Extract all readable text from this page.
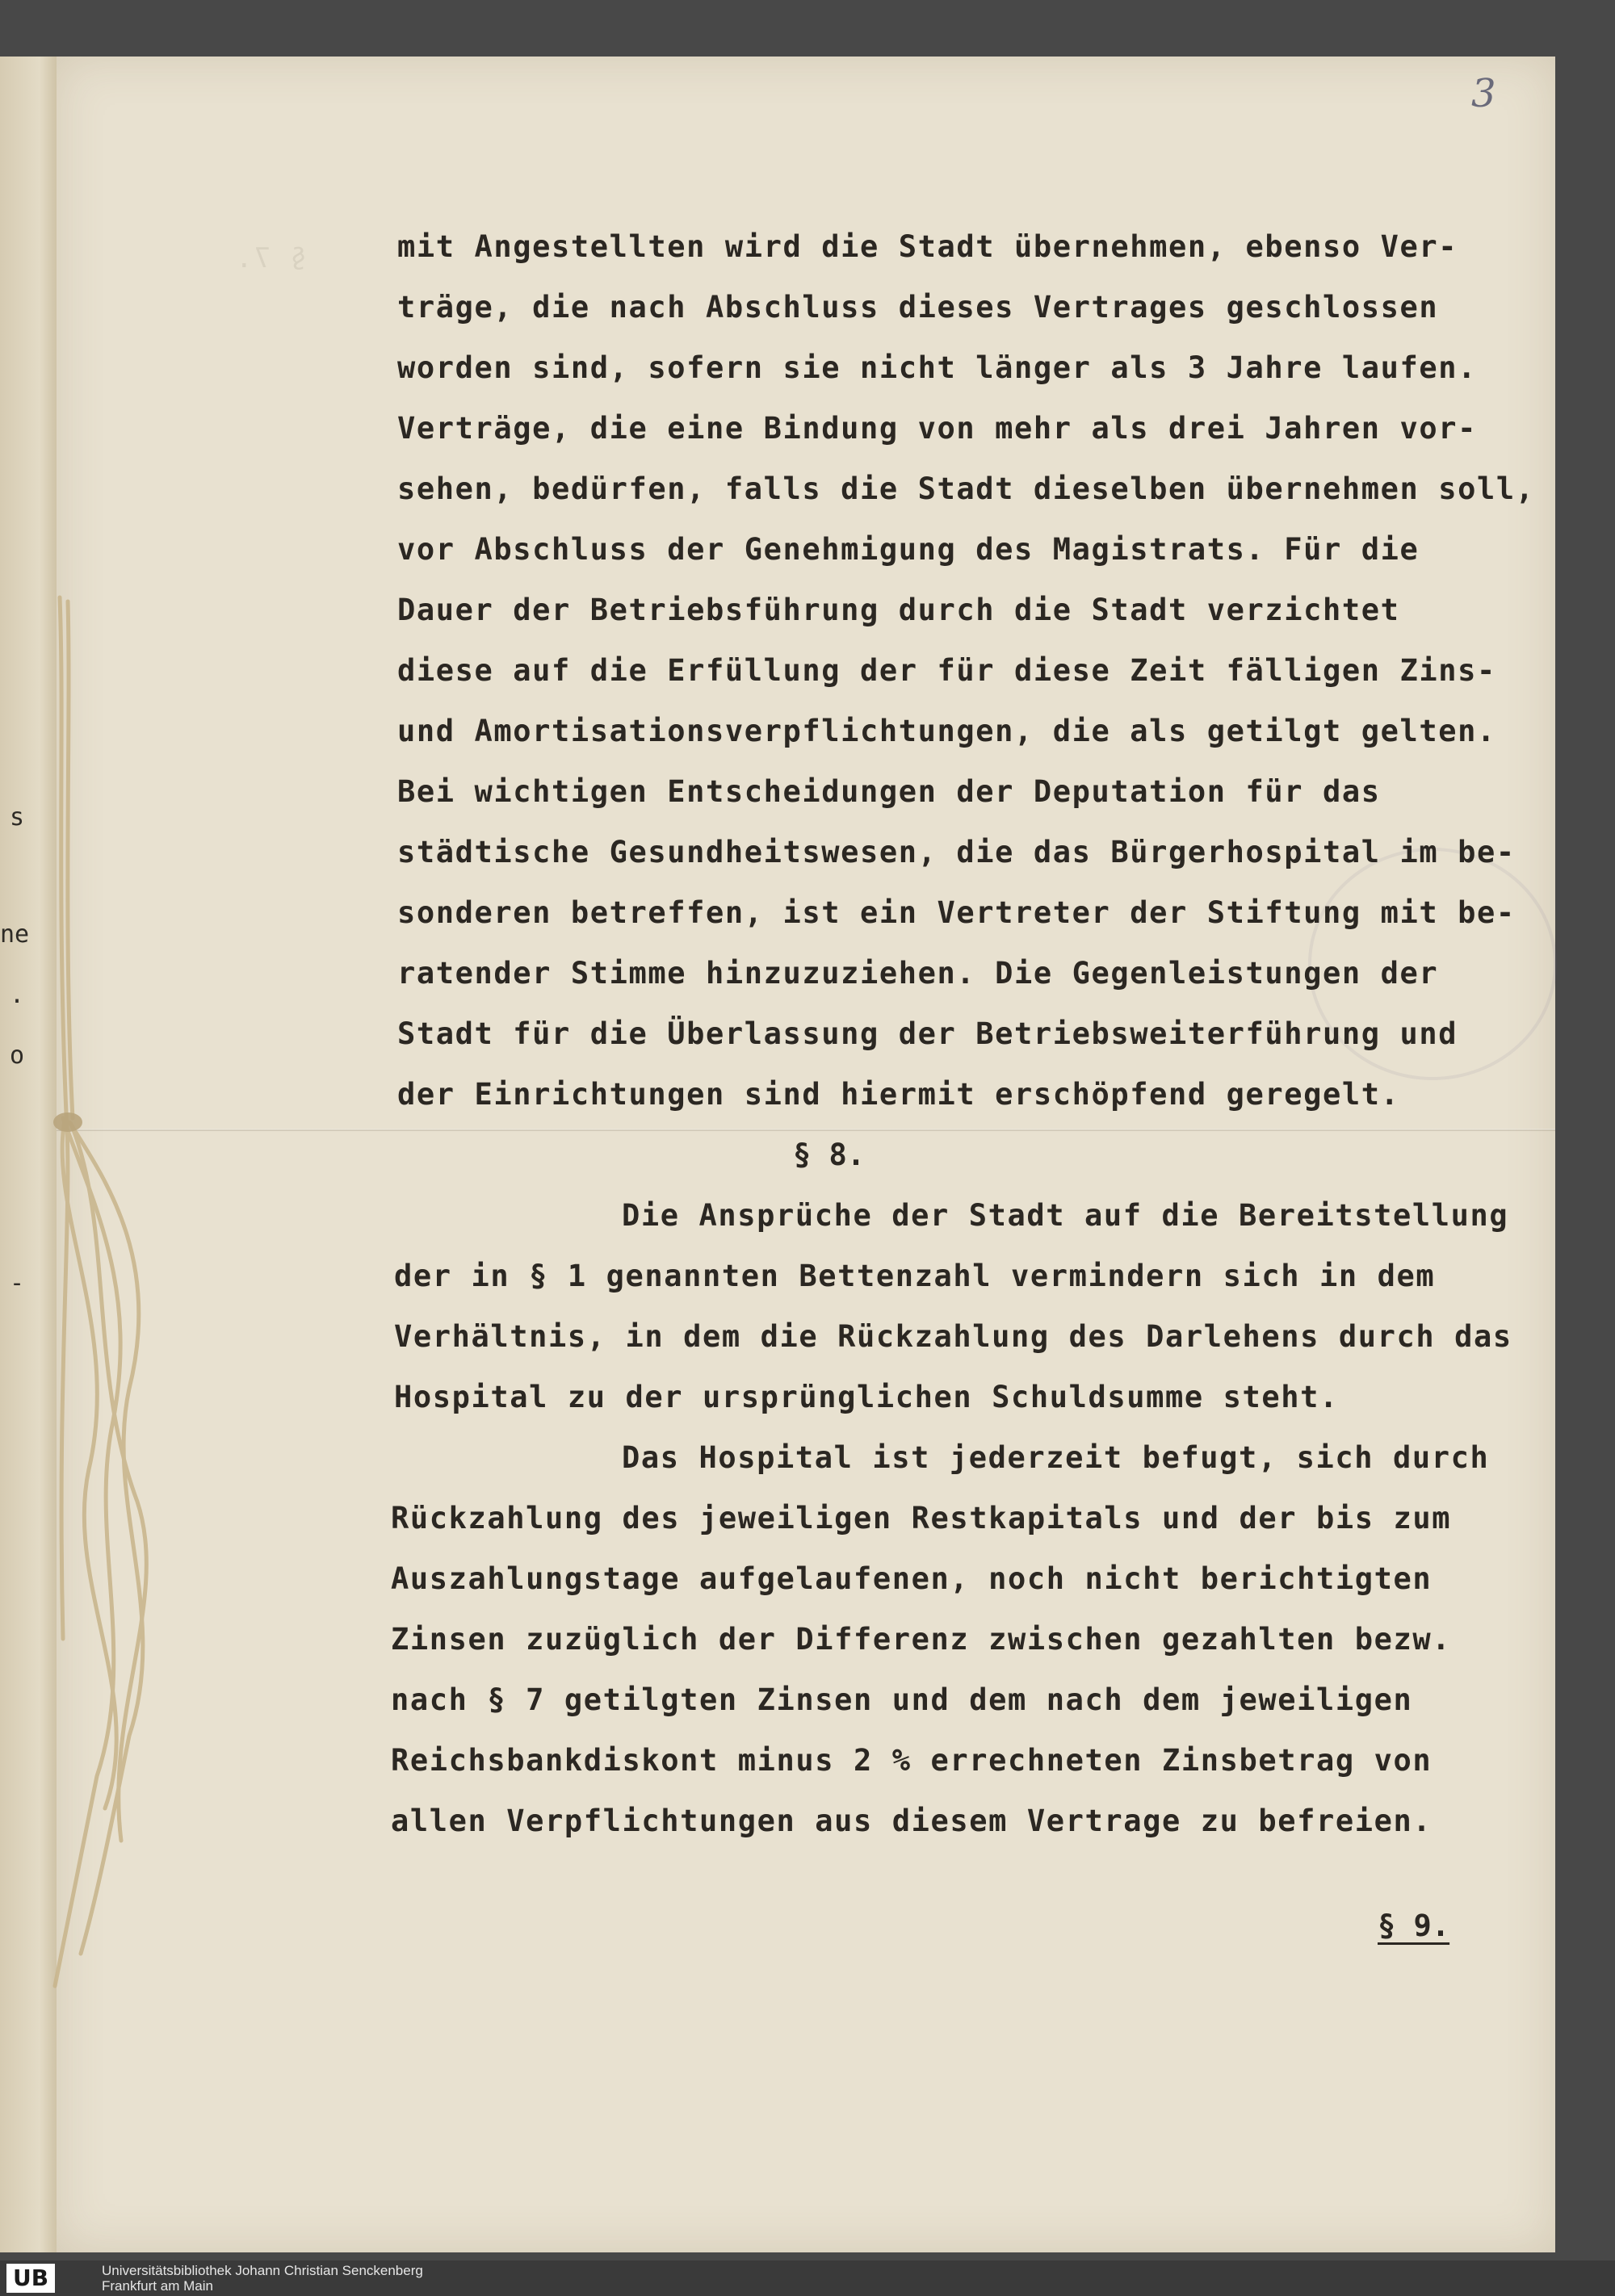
s
ne
.
o
-
§ 7.
3
mit Angestellten wird die Stadt übernehmen, ebenso Ver-
träge, die nach Abschluss dieses Vertrages geschlossen
worden sind, sofern sie nicht länger als 3 Jahre laufen.
Verträge, die eine Bindung von mehr als drei Jahren vor-
sehen, bedürfen, falls die Stadt dieselben übernehmen soll,
vor Abschluss der Genehmigung des Magistrats. Für die
Dauer der Betriebsführung durch die Stadt verzichtet
diese auf die Erfüllung der für diese Zeit fälligen Zins-
und Amortisationsverpflichtungen, die als getilgt gelten.
Bei wichtigen Entscheidungen der Deputation für das
städtische Gesundheitswesen, die das Bürgerhospital im be-
sonderen betreffen, ist ein Vertreter der Stiftung mit be-
ratender Stimme hinzuzuziehen. Die Gegenleistungen der
Stadt für die Überlassung der Betriebsweiterführung und
der Einrichtungen sind hiermit erschöpfend geregelt.
§ 8.
Die Ansprüche der Stadt auf die Bereitstellung
der in § 1 genannten Bettenzahl vermindern sich in dem
Verhältnis, in dem die Rückzahlung des Darlehens durch das
Hospital zu der ursprünglichen Schuldsumme steht.
Das Hospital ist jederzeit befugt, sich durch
Rückzahlung des jeweiligen Restkapitals und der bis zum
Auszahlungstage aufgelaufenen, noch nicht berichtigten
Zinsen zuzüglich der Differenz zwischen gezahlten bezw.
nach § 7 getilgten Zinsen und dem nach dem jeweiligen
Reichsbankdiskont minus 2 % errechneten Zinsbetrag von
allen Verpflichtungen aus diesem Vertrage zu befreien.
§ 9.
UB	Universitätsbibliothek Johann Christian Senckenberg
Frankfurt am Main
